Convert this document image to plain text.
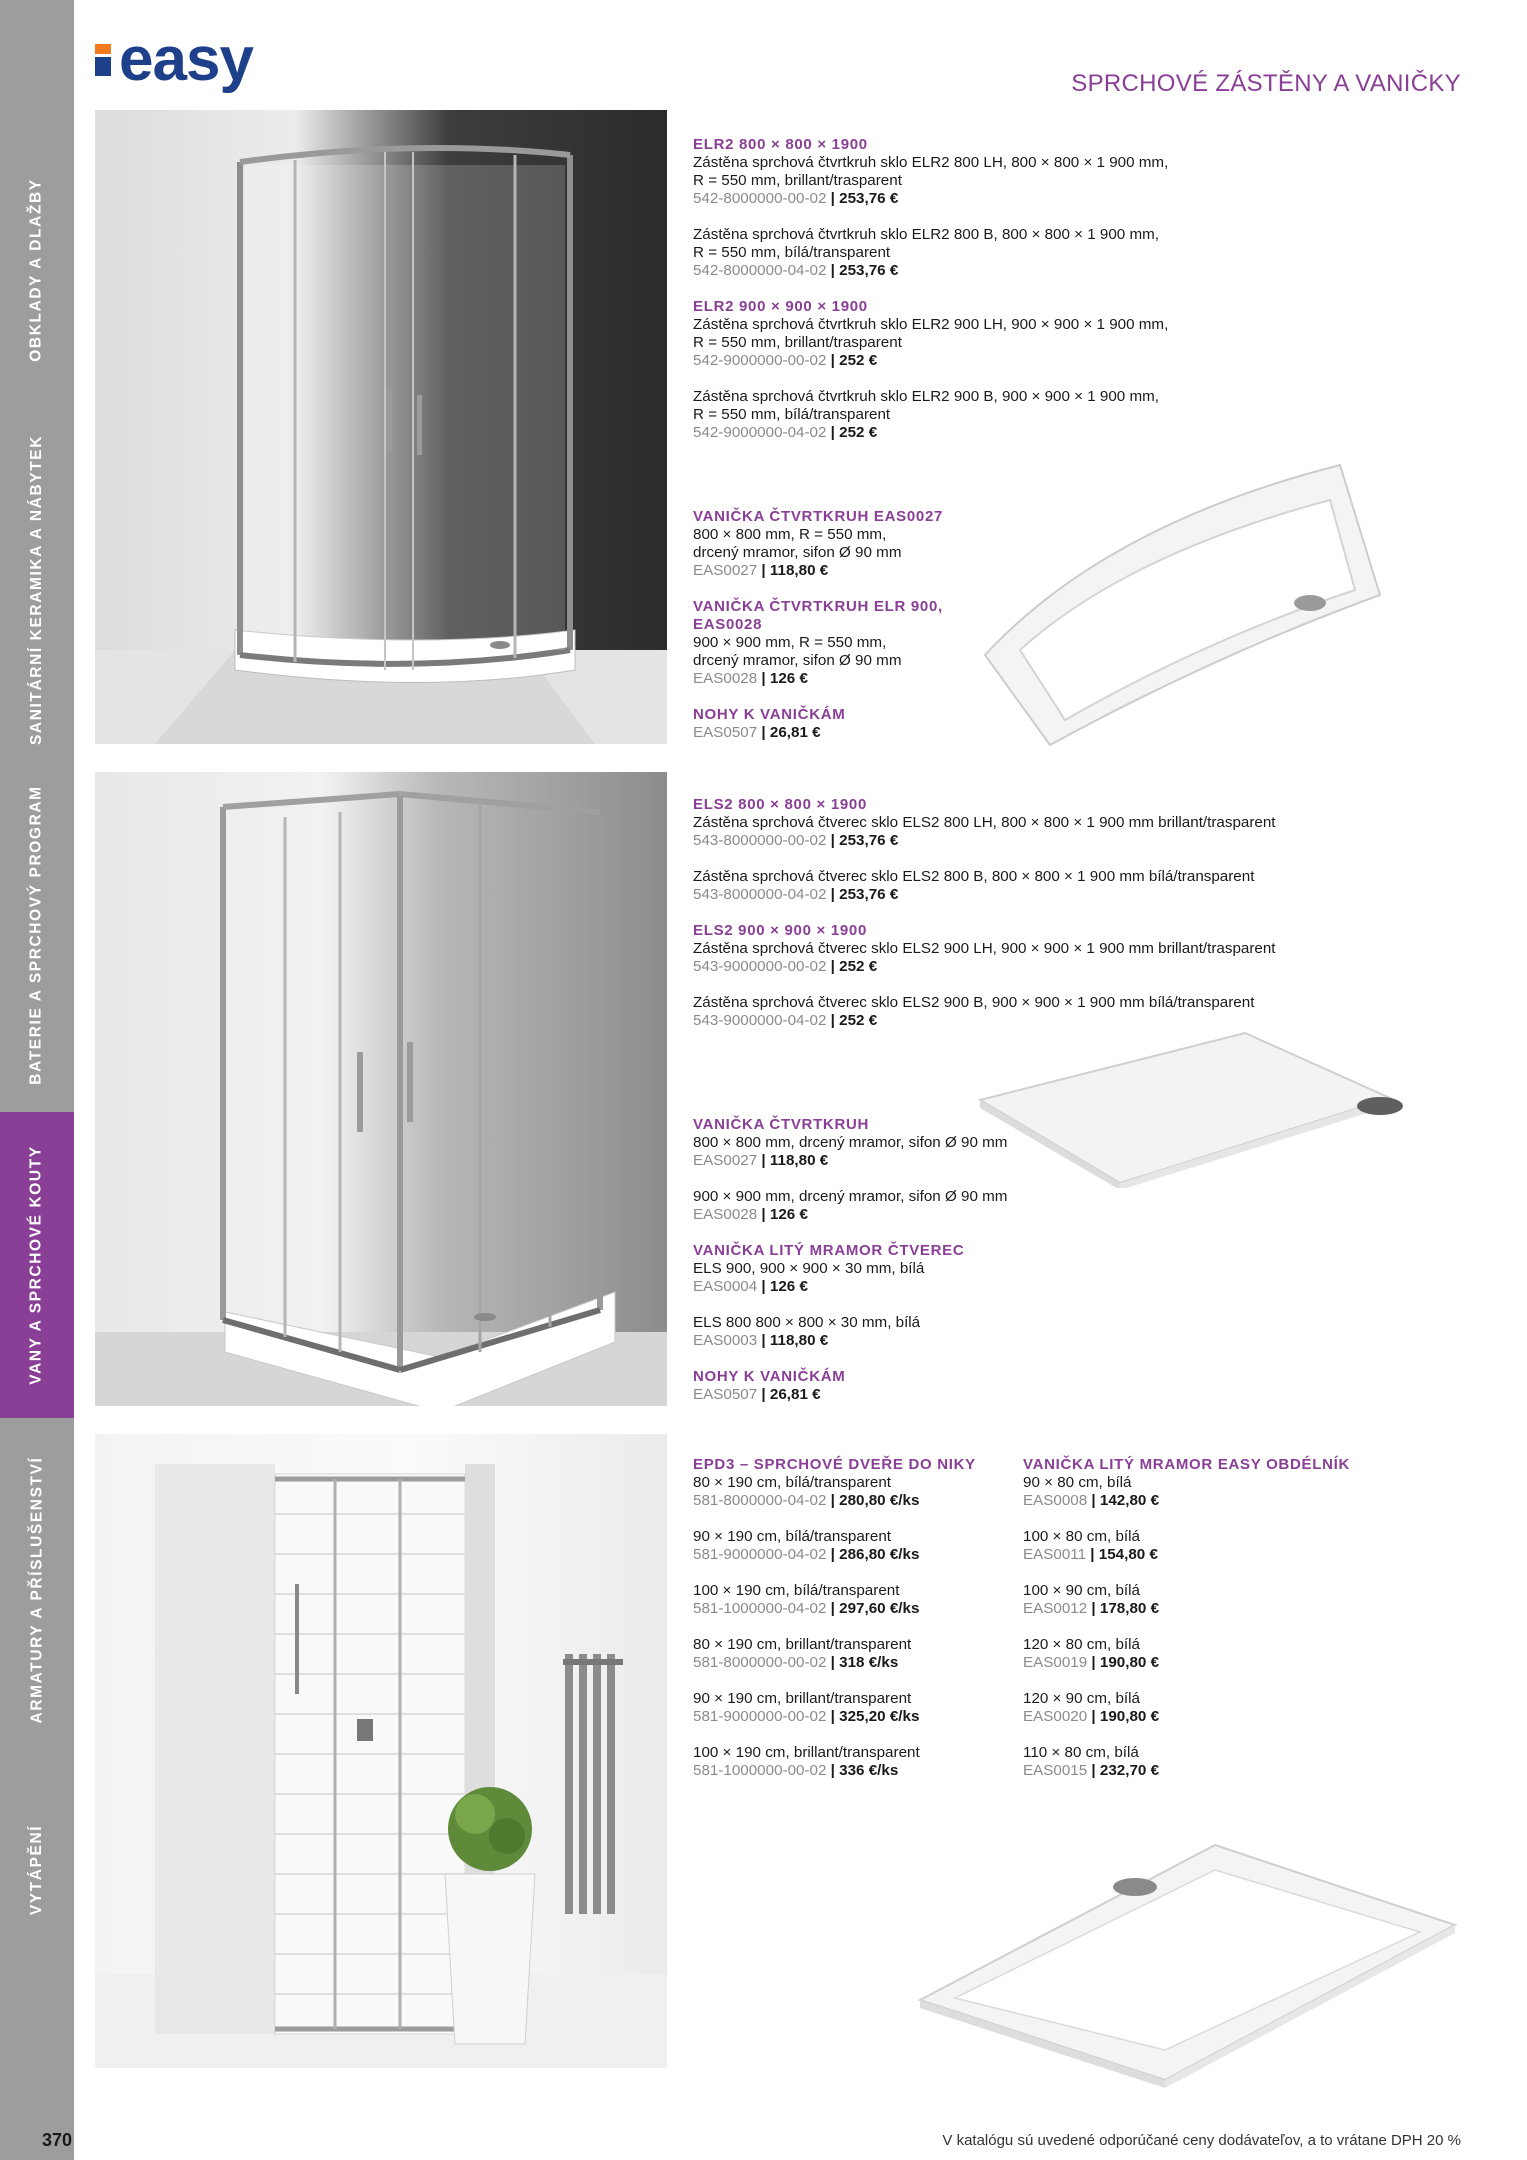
OBKLADY A DLAŽBY
SANITÁRNÍ KERAMIKA A NÁBYTEK
BATERIE A SPRCHOVÝ PROGRAM
VANY A SPRCHOVÉ KOUTY
ARMATURY A PŘÍSLUŠENSTVÍ
VYTÁPĚNÍ
easy	SPRCHOVÉ ZÁSTĚNY A VANIČKY
ELR2 800 × 800 × 1900
Zástěna sprchová čtvrtkruh sklo ELR2 800 LH, 800 × 800 × 1 900 mm,
R = 550 mm, brillant/trasparent
542-8000000-00-02 | 253,76 €
Zástěna sprchová čtvrtkruh sklo ELR2 800 B, 800 × 800 × 1 900 mm,
R = 550 mm, bílá/transparent
542-8000000-04-02 | 253,76 €
ELR2 900 × 900 × 1900
Zástěna sprchová čtvrtkruh sklo ELR2 900 LH, 900 × 900 × 1 900 mm,
R = 550 mm, brillant/trasparent
542-9000000-00-02 | 252 €
Zástěna sprchová čtvrtkruh sklo ELR2 900 B, 900 × 900 × 1 900 mm,
R = 550 mm, bílá/transparent
542-9000000-04-02 | 252 €
VANIČKA ČTVRTKRUH EAS0027
800 × 800 mm, R = 550 mm,
drcený mramor, sifon Ø 90 mm
EAS0027 | 118,80 €
VANIČKA ČTVRTKRUH ELR 900,
EAS0028
900 × 900 mm, R = 550 mm,
drcený mramor, sifon Ø 90 mm
EAS0028 | 126 €
NOHY K VANIČKÁM
EAS0507 | 26,81 €
ELS2 800 × 800 × 1900
Zástěna sprchová čtverec sklo ELS2 800 LH, 800 × 800 × 1 900 mm brillant/trasparent
543-8000000-00-02 | 253,76 €
Zástěna sprchová čtverec sklo ELS2 800 B, 800 × 800 × 1 900 mm bílá/transparent
543-8000000-04-02 | 253,76 €
ELS2 900 × 900 × 1900
Zástěna sprchová čtverec sklo ELS2 900 LH, 900 × 900 × 1 900 mm brillant/trasparent
543-9000000-00-02 | 252 €
Zástěna sprchová čtverec sklo ELS2 900 B, 900 × 900 × 1 900 mm bílá/transparent
543-9000000-04-02 | 252 €
VANIČKA ČTVRTKRUH
800 × 800 mm, drcený mramor, sifon Ø 90 mm
EAS0027 | 118,80 €
900 × 900 mm, drcený mramor, sifon Ø 90 mm
EAS0028 | 126 €
VANIČKA LITÝ MRAMOR ČTVEREC
ELS 900, 900 × 900 × 30 mm, bílá
EAS0004 | 126 €
ELS 800 800 × 800 × 30 mm, bílá
EAS0003 | 118,80 €
NOHY K VANIČKÁM
EAS0507 | 26,81 €
EPD3 – SPRCHOVÉ DVEŘE DO NIKY
80 × 190 cm, bílá/transparent
581-8000000-04-02 | 280,80 €/ks
90 × 190 cm, bílá/transparent
581-9000000-04-02 | 286,80 €/ks
100 × 190 cm, bílá/transparent
581-1000000-04-02 | 297,60 €/ks
80 × 190 cm, brillant/transparent
581-8000000-00-02 | 318 €/ks
90 × 190 cm, brillant/transparent
581-9000000-00-02 | 325,20 €/ks
100 × 190 cm, brillant/transparent
581-1000000-00-02 | 336 €/ks
VANIČKA LITÝ MRAMOR EASY OBDÉLNÍK
90 × 80 cm, bílá
EAS0008 | 142,80 €
100 × 80 cm, bílá
EAS0011 | 154,80 €
100 × 90 cm, bílá
EAS0012 | 178,80 €
120 × 80 cm, bílá
EAS0019 | 190,80 €
120 × 90 cm, bílá
EAS0020 | 190,80 €
110 × 80 cm, bílá
EAS0015 | 232,70 €
370	V katalógu sú uvedené odporúčané ceny dodávateľov, a to vrátane DPH 20 %
